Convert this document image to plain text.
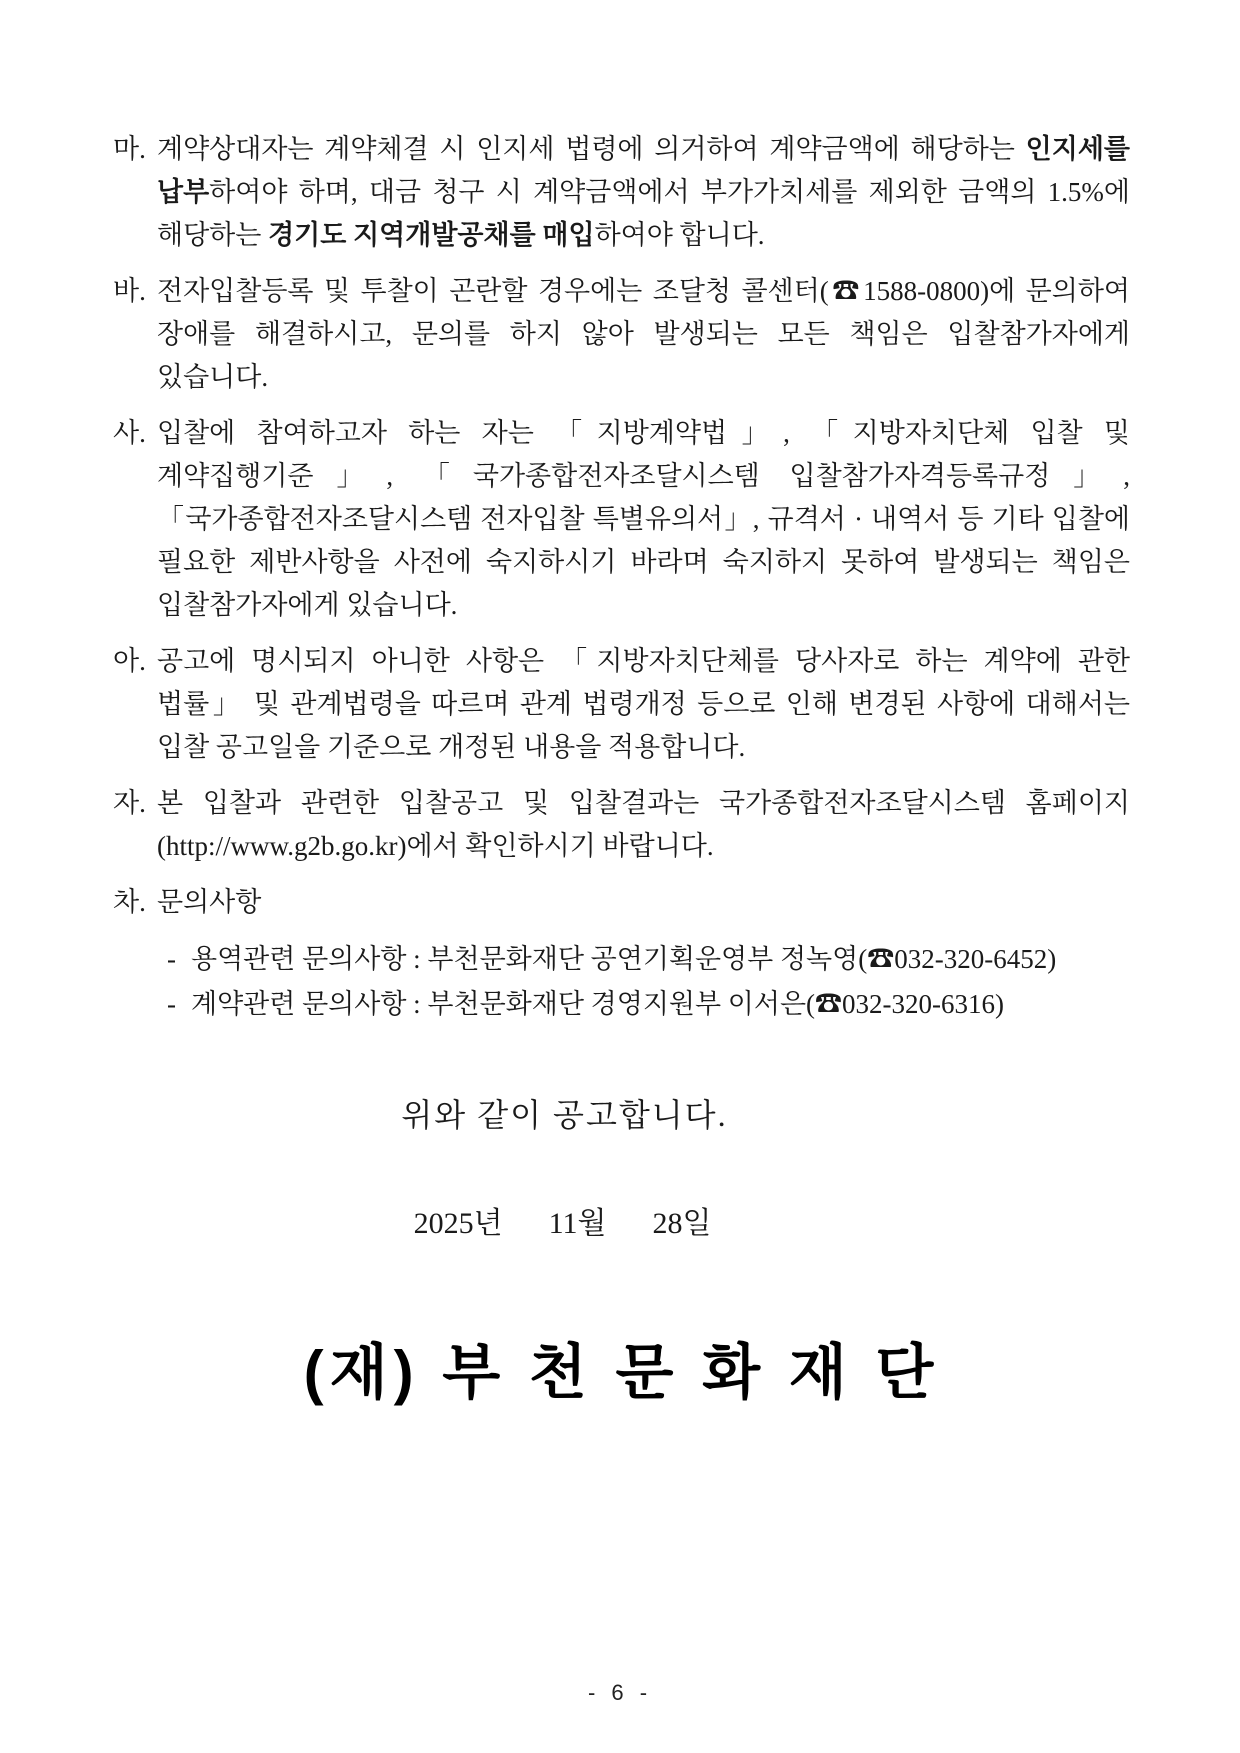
마. 계약상대자는 계약체결 시 인지세 법령에 의거하여 계약금액에 해당하는 인지세를 납부하여야 하며, 대금 청구 시 계약금액에서 부가가치세를 제외한 금액의 1.5%에 해당하는 경기도 지역개발공채를 매입하여야 합니다.
바. 전자입찰등록 및 투찰이 곤란할 경우에는 조달청 콜센터(☎1588-0800)에 문의하여 장애를 해결하시고, 문의를 하지 않아 발생되는 모든 책임은 입찰참가자에게 있습니다.
사. 입찰에 참여하고자 하는 자는 「지방계약법」, 「지방자치단체 입찰 및 계약집행기준」, 「국가종합전자조달시스템 입찰참가자격등록규정」, 「국가종합전자조달시스템 전자입찰 특별유의서」, 규격서 · 내역서 등 기타 입찰에 필요한 제반사항을 사전에 숙지하시기 바라며 숙지하지 못하여 발생되는 책임은 입찰참가자에게 있습니다.
아. 공고에 명시되지 아니한 사항은 「지방자치단체를 당사자로 하는 계약에 관한 법률」 및 관계법령을 따르며 관계 법령개정 등으로 인해 변경된 사항에 대해서는 입찰 공고일을 기준으로 개정된 내용을 적용합니다.
자. 본 입찰과 관련한 입찰공고 및 입찰결과는 국가종합전자조달시스템 홈페이지 (http://www.g2b.go.kr)에서 확인하시기 바랍니다.
차. 문의사항
- 용역관련 문의사항 : 부천문화재단 공연기획운영부 정녹영(☎032-320-6452)
- 계약관련 문의사항 : 부천문화재단 경영지원부 이서은(☎032-320-6316)
위와 같이 공고합니다.
2025년 11월 28일
(재) 부 천 문 화 재 단
- 6 -
